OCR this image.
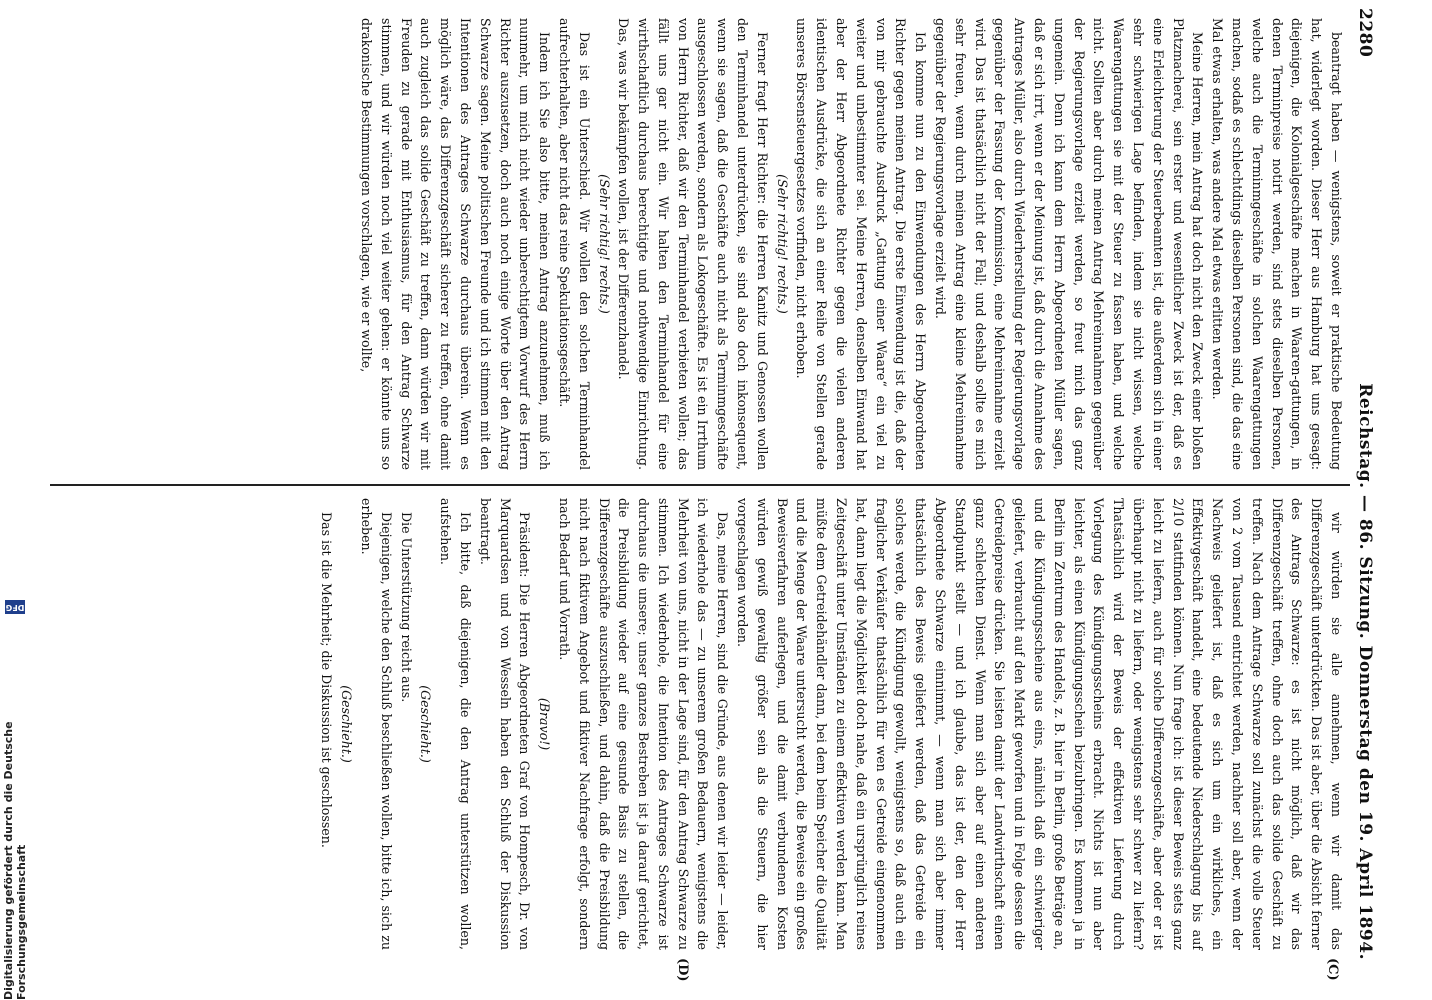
2280
Reichstag. — 86. Sitzung. Donnerstag den 19. April 1894.

beantragt haben — wenigstens, soweit er praktische Bedeutung hat, widerlegt worden. Dieser Herr aus Hamburg hat uns gesagt: diejenigen, die Kolonialgeschäfte machen in Waaren-gattungen, in denen Terminpreise notirt werden, sind stets dieselben Personen, welche auch die Terminmgeschäfte in solchen Waarengattungen machen, sodaß es schlechtdings dieselben Personen sind, die das eine Mal etwas erhalten, was andere Mal etwas erlitten werden.

Meine Herren, mein Antrag hat doch nicht den Zweck einer bloßen Platzmacherei, sein erster und wesentlicher Zweck ist der, daß es eine Erleichterung der Steuerbeamten ist, die außerdem sich in einer sehr schwierigen Lage befinden, indem sie nicht wissen, welche Waarengattungen sie mit der Steuer zu fassen haben, und welche nicht. Sollten aber durch meinen Antrag Mehreinnahmen gegenüber der Regierungsvorlage erzielt werden, so freut mich das ganz ungemein. Denn ich kann dem Herrn Abgeordneten Müller sagen, daß er sich irrt, wenn er der Meinung ist, daß durch die Annahme des Antrages Müller, also durch Wiederherstellung der Regierungsvorlage gegenüber der Fassung der Kommission, eine Mehreinnahme erzielt wird. Das ist thatsächlich nicht der Fall; und deshalb sollte es mich sehr freuen, wenn durch meinen Antrag eine kleine Mehreinnahme gegenüber der Regierungsvorlage erzielt wird.

Ich komme nun zu den Einwendungen des Herrn Abgeordneten Richter gegen meinen Antrag. Die erste Einwendung ist die, daß der von mir gebrauchte Ausdruck „Gattung einer Waare“ ein viel zu weiter und unbestimmter sei. Meine Herren, denselben Einwand hat aber der Herr Abgeordnete Richter gegen die vielen anderen identischen Ausdrücke, die sich an einer Reihe von Stellen gerade unseres Börsensteuergesetzes vorfinden, nicht erhoben.

(Sehr richtig! rechts.)

Ferner fragt Herr Richter: die Herren Kanitz und Genossen wollen den Terminhandel unterdrücken, sie sind also doch inkonsequent, wenn sie sagen, daß die Geschäfte auch nicht als Terminmgeschäfte ausgeschlossen werden, sondern als Lokogeschäfte. Es ist ein Irrthum von Herrn Richter, daß wir den Terminhandel verbieten wollen; das fällt uns gar nicht ein. Wir halten den Terminhandel für eine wirthschaftlich durchaus berechtigte und nothwendige Einrichtung. Das, was wir bekämpfen wollen, ist der Differenzhandel.

(Sehr richtig! rechts.)

Das ist ein Unterschied. Wir wollen den solchen Terminhandel aufrechterhalten, aber nicht das reine Spekulationsgeschäft.

Indem ich Sie also bitte, meinen Antrag anzunehmen, muß ich nunmehr, um mich nicht wieder unberechtigtem Vorwurf des Herrn Richter auszusetzen, doch auch noch einige Worte über den Antrag Schwarze sagen. Meine politischen Freunde und ich stimmen mit den Intentionen des Antrages Schwarze durchaus überein. Wenn es möglich wäre, das Differenzgeschäft sicherer zu treffen, ohne damit auch zugleich das solide Geschäft zu treffen, dann würden wir mit Freuden zu gerade mit Enthusiasmus, für den Antrag Schwarze stimmen, und wir würden noch viel weiter gehen: er könnte uns so drakonische Bestimmungen vorschlagen, wie er wollte,

wir würden sie alle annehmen, wenn wir damit das Differenzgeschäft unterdrückten. Das ist aber, über die Absicht ferner des Antrags Schwarze: es ist nicht möglich, daß wir das Differenzgeschäft treffen, ohne doch auch das solide Geschäft zu treffen. Nach dem Antrage Schwarze soll zunächst die volle Steuer von 2 vom Tausend entrichtet werden, nachher soll aber, wenn der Nachweis geliefert ist, daß es sich um ein wirkliches, ein Effektivgeschäft handelt, eine bedeutende Niederschlagung bis auf 2/10 stattfinden können. Nun frage ich: ist dieser Beweis stets ganz leicht zu liefern, auch für solche Differenzgeschäfte, aber oder er ist überhaupt nicht zu liefern, oder wenigstens sehr schwer zu liefern? Thatsächlich wird der Beweis der effektiven Lieferung durch Vorlegung des Kündigungsscheins erbracht. Nichts ist nun aber leichter, als einen Kündigungsschein beizubringen. Es kommen ja in Berlin im Zentrum des Handels, z. B. hier in Berlin, große Beträge an, und die Kündigungsscheine aus eins, nämlich daß ein schwieriger geliefert, verbraucht auf den Markt geworfen und in Folge dessen die Getreidepreise drücken. Sie leisten damit der Landwirthschaft einen ganz schlechten Dienst. Wenn man sich aber auf einen anderen Standpunkt stellt — und ich glaube, das ist der, den der Herr Abgeordnete Schwarze einnimmt, — wenn man sich aber immer thatsächlich des Beweis geliefert werden, daß das Getreide ein solches werde, die Kündigung gewollt, wenigstens so, daß auch ein fraglicher Verkäufer thatsächlich für wen es Getreide eingenommen hat, dann liegt die Möglichkeit doch nahe, daß ein ursprünglich reines Zeitgeschäft unter Umständen zu einem effektiven werden kann. Man müßte dem Getreidehändler dann, bei dem beim Speicher die Qualität und die Menge der Waare untersucht werden, die Beweise ein großes Beweisverfahren auferlegen, und die damit verbundenen Kosten würden gewiß gewaltig größer sein als die Steuern, die hier vorgeschlagen worden.

Das, meine Herren, sind die Gründe, aus denen wir leider — leider, ich wiederhole das — zu unserem großen Bedauern, wenigstens die Mehrheit von uns, nicht in der Lage sind, für den Antrag Schwarze zu stimmen. Ich wiederhole, die Intention des Antrages Schwarze ist durchaus die unsere; unser ganzes Bestreben ist ja darauf gerichtet, die Preisbildung wieder auf eine gesunde Basis zu stellen, die Differenzgeschäfte auszuschließen, und dahin, daß die Preisbildung nicht nach fiktivem Angebot und fiktiver Nachfrage erfolgt, sondern nach Bedarf und Vorrath.

(Bravo!)

Präsident: Die Herren Abgeordneten Graf von Hompesch, Dr. von Marquardsen und von Wesseln haben den Schluß der Diskussion beantragt.

Ich bitte, daß diejenigen, die den Antrag unterstützen wollen, aufstehen.

(Geschieht.)

Die Unterstützung reicht aus.

Diejenigen, welche den Schluß beschließen wollen, bitte ich, sich zu erheben.

(Geschieht.)

Das ist die Mehrheit; die Diskussion ist geschlossen.

(C)
(D)
Digitalisierung gefördert durch die Deutsche Forschungsgemeinschaft
DFG
